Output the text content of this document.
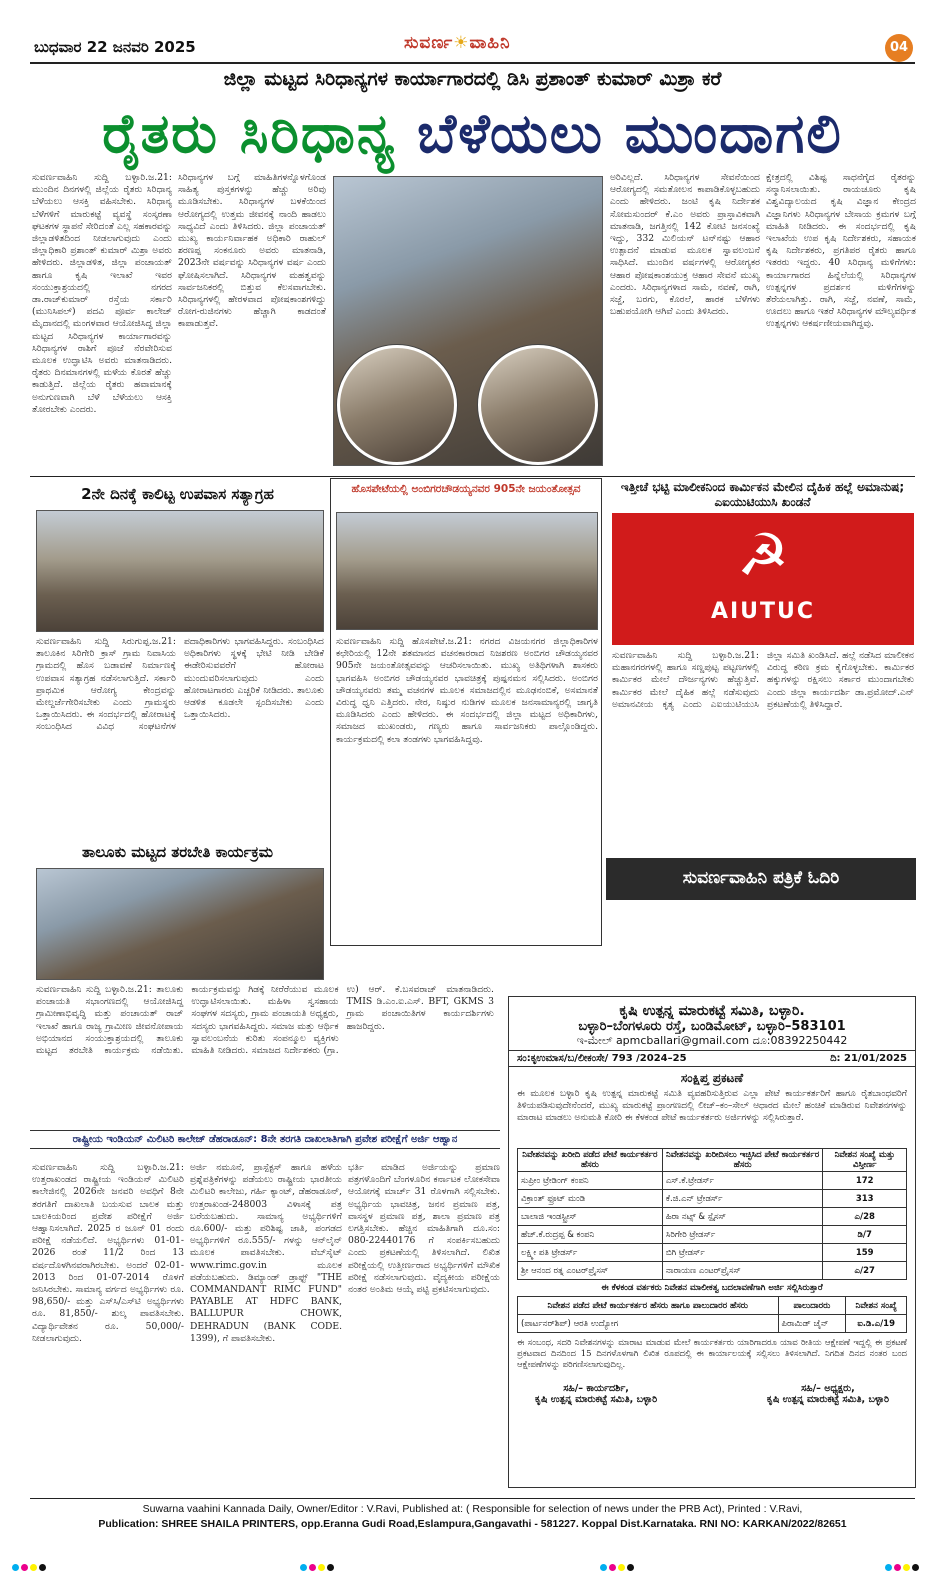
ಬುಧವಾರ 22 ಜನವರಿ 2025	ಸುವರ್ಣ☀ವಾಹಿನಿ	04
ಜಿಲ್ಲಾ ಮಟ್ಟದ ಸಿರಿಧಾನ್ಯಗಳ ಕಾರ್ಯಾಗಾರದಲ್ಲಿ ಡಿಸಿ ಪ್ರಶಾಂತ್ ಕುಮಾರ್ ಮಿಶ್ರಾ ಕರೆ
ರೈತರು ಸಿರಿಧಾನ್ಯ ಬೆಳೆಯಲು ಮುಂದಾಗಲಿ
ಸುವರ್ಣವಾಹಿನಿ ಸುದ್ದಿ ಬಳ್ಳಾರಿ.ಜ.21: ಮುಂದಿನ ದಿನಗಳಲ್ಲಿ ಜಿಲ್ಲೆಯ ರೈತರು ಸಿರಿಧಾನ್ಯ ಬೆಳೆಯಲು ಆಸಕ್ತಿ ವಹಿಸಬೇಕು. ಸಿರಿಧಾನ್ಯ ಬೆಳೆಗಳಿಗೆ ಮಾರುಕಟ್ಟೆ ವ್ಯವಸ್ಥೆ ಸಂಸ್ಕರಣಾ ಘಟಕಗಳ ಸ್ಥಾಪನೆ ಸೇರಿದಂತೆ ಎಲ್ಲ ಸಹಕಾರವನ್ನು ಜಿಲ್ಲಾಡಳಿತದಿಂದ ನೀಡಲಾಗುವುದು ಎಂದು ಜಿಲ್ಲಾಧಿಕಾರಿ ಪ್ರಶಾಂತ್ ಕುಮಾರ್ ಮಿಶ್ರಾ ಅವರು ಹೇಳಿದರು. ಜಿಲ್ಲಾಡಳಿತ, ಜಿಲ್ಲಾ ಪಂಚಾಯತ್ ಹಾಗೂ ಕೃಷಿ ಇಲಾಖೆ ಇವರ ಸಂಯುಕ್ತಾಶ್ರಯದಲ್ಲಿ ನಗರದ ಡಾ.ರಾಜ್‌ಕುಮಾರ್ ರಸ್ತೆಯ ಸರ್ಕಾರಿ (ಮುನಿಸಿಪಲ್) ಪದವಿ ಪೂರ್ವ ಕಾಲೇಜ್ ಮೈದಾನದಲ್ಲಿ ಮಂಗಳವಾರ ಆಯೋಜಿಸಿದ್ದ ಜಿಲ್ಲಾ ಮಟ್ಟದ ಸಿರಿಧಾನ್ಯಗಳ ಕಾರ್ಯಾಗಾರವನ್ನು ಸಿರಿಧಾನ್ಯಗಳ ರಾಶಿಗೆ ಪೂಜೆ ನೆರವೇರಿಸುವ ಮೂಲಕ ಉದ್ಘಾಟಿಸಿ ಅವರು ಮಾತನಾಡಿದರು. ರೈತರು ದಿನಮಾನಗಳಲ್ಲಿ ಮಳೆಯ ಕೊರತೆ ಹೆಚ್ಚು ಕಾಡುತ್ತಿದೆ. ಜಿಲ್ಲೆಯ ರೈತರು ಹವಾಮಾನಕ್ಕೆ ಅನುಗುಣವಾಗಿ ಬೆಳೆ ಬೆಳೆಯಲು ಆಸಕ್ತಿ ತೋರಬೇಕು ಎಂದರು.
ಸಿರಿಧಾನ್ಯಗಳ ಬಗ್ಗೆ ಮಾಹಿತಿಗಳನ್ನೊಳಗೊಂಡ ಸಾಹಿತ್ಯ ಪುಸ್ತಕಗಳನ್ನು ಹೆಚ್ಚು ಅರಿವು ಮೂಡಿಸಬೇಕು. ಸಿರಿಧಾನ್ಯಗಳ ಬಳಕೆಯಿಂದ ಆರೋಗ್ಯದಲ್ಲಿ ಉತ್ತಮ ಜೀವನಕ್ಕೆ ನಾಂದಿ ಹಾಡಲು ಸಾಧ್ಯವಿದೆ ಎಂದು ತಿಳಿಸಿದರು. ಜಿಲ್ಲಾ ಪಂಚಾಯತ್ ಮುಖ್ಯ ಕಾರ್ಯನಿರ್ವಾಹಕ ಅಧಿಕಾರಿ ರಾಹುಲ್ ಶರಣಪ್ಪ ಸಂಕನೂರು ಅವರು ಮಾತನಾಡಿ, 2023ನೇ ವರ್ಷವನ್ನು ಸಿರಿಧಾನ್ಯಗಳ ವರ್ಷ ಎಂದು ಘೋಷಿಸಲಾಗಿದೆ. ಸಿರಿಧಾನ್ಯಗಳ ಮಹತ್ವವನ್ನು ಸಾರ್ವಜನಿಕರಲ್ಲಿ ಬಿತ್ತುವ ಕೆಲಸವಾಗಬೇಕು. ಸಿರಿಧಾನ್ಯಗಳಲ್ಲಿ ಹೇರಳವಾದ ಪೋಷಕಾಂಶಗಳಿದ್ದು ರೋಗ-ರುಜಿನಗಳು ಹೆಚ್ಚಾಗಿ ಕಾಡದಂತೆ ಕಾಪಾಡುತ್ತವೆ.
ಅರಿವಿಲ್ಲದೆ. ಸಿರಿಧಾನ್ಯಗಳ ಸೇವನೆಯಿಂದ ಆರೋಗ್ಯದಲ್ಲಿ ಸಮತೋಲನ ಕಾಪಾಡಿಕೊಳ್ಳಬಹುದು ಎಂದು ಹೇಳಿದರು. ಜಂಟಿ ಕೃಷಿ ನಿರ್ದೇಶಕ ಸೋಮಸುಂದರ್ ಕೆ.ಎಂ ಅವರು ಪ್ರಾಸ್ತಾವಿಕವಾಗಿ ಮಾತನಾಡಿ, ಜಗತ್ತಿನಲ್ಲಿ 142 ಕೋಟಿ ಜನಸಂಖ್ಯೆ ಇದ್ದು, 332 ಮಿಲಿಯನ್ ಟನ್‌ನಷ್ಟು ಆಹಾರ ಉತ್ಪಾದನೆ ಮಾಡುವ ಮೂಲಕ ಸ್ವಾವಲಂಬನೆ ಸಾಧಿಸಿದೆ. ಮುಂದಿನ ವರ್ಷಗಳಲ್ಲಿ ಆರೋಗ್ಯಕರ ಆಹಾರ ಪೋಷಕಾಂಶಯುಕ್ತ ಆಹಾರ ಸೇವನೆ ಮುಖ್ಯ ಎಂದರು. ಸಿರಿಧಾನ್ಯಗಳಾದ ಸಾಮೆ, ನವಣೆ, ರಾಗಿ, ಸಜ್ಜೆ, ಬರಗು, ಕೊರಲೆ, ಹಾರಕ ಬೆಳೆಗಳು ಬಹುಪಯೋಗಿ ಆಗಿವೆ ಎಂದು ತಿಳಿಸಿದರು.
ಕ್ಷೇತ್ರದಲ್ಲಿ ವಿಶಿಷ್ಟ ಸಾಧನೆಗೈದ ರೈತರನ್ನು ಸನ್ಮಾನಿಸಲಾಯಿತು. ರಾಯಚೂರು ಕೃಷಿ ವಿಶ್ವವಿದ್ಯಾಲಯದ ಕೃಷಿ ವಿಜ್ಞಾನ ಕೇಂದ್ರದ ವಿಜ್ಞಾನಿಗಳು ಸಿರಿಧಾನ್ಯಗಳ ಬೇಸಾಯ ಕ್ರಮಗಳ ಬಗ್ಗೆ ಮಾಹಿತಿ ನೀಡಿದರು. ಈ ಸಂದರ್ಭದಲ್ಲಿ ಕೃಷಿ ಇಲಾಖೆಯ ಉಪ ಕೃಷಿ ನಿರ್ದೇಶಕರು, ಸಹಾಯಕ ಕೃಷಿ ನಿರ್ದೇಶಕರು, ಪ್ರಗತಿಪರ ರೈತರು ಹಾಗೂ ಇತರರು ಇದ್ದರು. 40 ಸಿರಿಧಾನ್ಯ ಮಳಿಗೆಗಳು: ಕಾರ್ಯಾಗಾರದ ಹಿನ್ನೆಲೆಯಲ್ಲಿ ಸಿರಿಧಾನ್ಯಗಳ ಉತ್ಪನ್ನಗಳ ಪ್ರದರ್ಶನ ಮಳಿಗೆಗಳನ್ನು ತೆರೆಯಲಾಗಿತ್ತು. ರಾಗಿ, ಸಜ್ಜೆ, ನವಣೆ, ಸಾಮೆ, ಊದಲು ಹಾಗೂ ಇತರೆ ಸಿರಿಧಾನ್ಯಗಳ ಮೌಲ್ಯವರ್ಧಿತ ಉತ್ಪನ್ನಗಳು ಆಕರ್ಷಣೀಯವಾಗಿದ್ದವು.
2ನೇ ದಿನಕ್ಕೆ ಕಾಲಿಟ್ಟ ಉಪವಾಸ ಸತ್ಯಾಗ್ರಹ
ಸುವರ್ಣವಾಹಿನಿ ಸುದ್ದಿ ಸಿರುಗುಪ್ಪ.ಜ.21: ತಾಲೂಕಿನ ಸಿರಿಗೇರಿ ಕ್ರಾಸ್ ಗ್ರಾಮ ನಿವಾಸಿಯ ಗ್ರಾಮದಲ್ಲಿ ಹೊಸ ಬಡಾವಣೆ ನಿರ್ಮಾಣಕ್ಕೆ ಉಪವಾಸ ಸತ್ಯಾಗ್ರಹ ನಡೆಸಲಾಗುತ್ತಿದೆ. ಸರ್ಕಾರಿ ಪ್ರಾಥಮಿಕ ಆರೋಗ್ಯ ಕೇಂದ್ರವನ್ನು ಮೇಲ್ದರ್ಜೆಗೇರಿಸಬೇಕು ಎಂದು ಗ್ರಾಮಸ್ಥರು ಒತ್ತಾಯಿಸಿದರು. ಈ ಸಂದರ್ಭದಲ್ಲಿ ಹೋರಾಟಕ್ಕೆ ಸಂಬಂಧಿಸಿದ ವಿವಿಧ ಸಂಘಟನೆಗಳ ಪದಾಧಿಕಾರಿಗಳು ಭಾಗವಹಿಸಿದ್ದರು. ಸಂಬಂಧಿಸಿದ ಅಧಿಕಾರಿಗಳು ಸ್ಥಳಕ್ಕೆ ಭೇಟಿ ನೀಡಿ ಬೇಡಿಕೆ ಈಡೇರಿಸುವವರೆಗೆ ಹೋರಾಟ ಮುಂದುವರಿಸಲಾಗುವುದು ಎಂದು ಹೋರಾಟಗಾರರು ಎಚ್ಚರಿಕೆ ನೀಡಿದರು. ತಾಲೂಕು ಆಡಳಿತ ಕೂಡಲೇ ಸ್ಪಂದಿಸಬೇಕು ಎಂದು ಒತ್ತಾಯಿಸಿದರು.
ಹೊಸಪೇಟೆಯಲ್ಲಿ ಅಂಬಿಗರಚೌಡಯ್ಯನವರ 905ನೇ ಜಯಂತೋತ್ಸವ
ಸುವರ್ಣವಾಹಿನಿ ಸುದ್ದಿ ಹೊಸಪೇಟೆ.ಜ.21: ನಗರದ ವಿಜಯನಗರ ಜಿಲ್ಲಾಧಿಕಾರಿಗಳ ಕಛೇರಿಯಲ್ಲಿ 12ನೇ ಶತಮಾನದ ವಚನಕಾರರಾದ ನಿಜಶರಣ ಅಂಬಿಗರ ಚೌಡಯ್ಯನವರ 905ನೇ ಜಯಂತೋತ್ಸವವನ್ನು ಆಚರಿಸಲಾಯಿತು. ಮುಖ್ಯ ಅತಿಥಿಗಳಾಗಿ ಶಾಸಕರು ಭಾಗವಹಿಸಿ ಅಂಬಿಗರ ಚೌಡಯ್ಯನವರ ಭಾವಚಿತ್ರಕ್ಕೆ ಪುಷ್ಪನಮನ ಸಲ್ಲಿಸಿದರು. ಅಂಬಿಗರ ಚೌಡಯ್ಯನವರು ತಮ್ಮ ವಚನಗಳ ಮೂಲಕ ಸಮಾಜದಲ್ಲಿನ ಮೂಢನಂಬಿಕೆ, ಅಸಮಾನತೆ ವಿರುದ್ಧ ಧ್ವನಿ ಎತ್ತಿದರು. ನೇರ, ನಿಷ್ಠುರ ನುಡಿಗಳ ಮೂಲಕ ಜನಸಾಮಾನ್ಯರಲ್ಲಿ ಜಾಗೃತಿ ಮೂಡಿಸಿದರು ಎಂದು ಹೇಳಿದರು. ಈ ಸಂದರ್ಭದಲ್ಲಿ ಜಿಲ್ಲಾ ಮಟ್ಟದ ಅಧಿಕಾರಿಗಳು, ಸಮಾಜದ ಮುಖಂಡರು, ಗಣ್ಯರು ಹಾಗೂ ಸಾರ್ವಜನಿಕರು ಪಾಲ್ಗೊಂಡಿದ್ದರು. ಕಾರ್ಯಕ್ರಮದಲ್ಲಿ ಕಲಾ ತಂಡಗಳು ಭಾಗವಹಿಸಿದ್ದವು.
ಇತ್ತೀಚೆ ಭಟ್ಟಿ ಮಾಲೀಕನಿಂದ ಕಾರ್ಮಿಕನ ಮೇಲಿನ ದೈಹಿಕ ಹಲ್ಲೆ ಅಮಾನುಷ; ಎಐಯುಟಿಯುಸಿ ಖಂಡನೆ
☭
AIUTUC
ಸುವರ್ಣವಾಹಿನಿ ಸುದ್ದಿ ಬಳ್ಳಾರಿ.ಜ.21: ಮಹಾನಗರಗಳಲ್ಲಿ ಹಾಗೂ ಸಣ್ಣಪುಟ್ಟ ಪಟ್ಟಣಗಳಲ್ಲಿ ಕಾರ್ಮಿಕರ ಮೇಲೆ ದೌರ್ಜನ್ಯಗಳು ಹೆಚ್ಚುತ್ತಿವೆ. ಕಾರ್ಮಿಕರ ಮೇಲೆ ದೈಹಿಕ ಹಲ್ಲೆ ನಡೆಸುವುದು ಅಮಾನವೀಯ ಕೃತ್ಯ ಎಂದು ಎಐಯುಟಿಯುಸಿ ಜಿಲ್ಲಾ ಸಮಿತಿ ಖಂಡಿಸಿದೆ. ಹಲ್ಲೆ ನಡೆಸಿದ ಮಾಲೀಕನ ವಿರುದ್ಧ ಕಠಿಣ ಕ್ರಮ ಕೈಗೊಳ್ಳಬೇಕು. ಕಾರ್ಮಿಕರ ಹಕ್ಕುಗಳನ್ನು ರಕ್ಷಿಸಲು ಸರ್ಕಾರ ಮುಂದಾಗಬೇಕು ಎಂದು ಜಿಲ್ಲಾ ಕಾರ್ಯದರ್ಶಿ ಡಾ.ಪ್ರಮೋದ್.ಎನ್ ಪ್ರಕಟಣೆಯಲ್ಲಿ ತಿಳಿಸಿದ್ದಾರೆ.
ತಾಲೂಕು ಮಟ್ಟದ ತರಬೇತಿ ಕಾರ್ಯಕ್ರಮ
ಸುವರ್ಣವಾಹಿನಿ ಸುದ್ದಿ ಬಳ್ಳಾರಿ.ಜ.21: ತಾಲೂಕು ಪಂಚಾಯತಿ ಸಭಾಂಗಣದಲ್ಲಿ ಆಯೋಜಿಸಿದ್ದ ಗ್ರಾಮೀಣಾಭಿವೃದ್ಧಿ ಮತ್ತು ಪಂಚಾಯತ್ ರಾಜ್ ಇಲಾಖೆ ಹಾಗೂ ರಾಜ್ಯ ಗ್ರಾಮೀಣ ಜೀವನೋಪಾಯ ಅಭಿಯಾನದ ಸಂಯುಕ್ತಾಶ್ರಯದಲ್ಲಿ ತಾಲೂಕು ಮಟ್ಟದ ತರಬೇತಿ ಕಾರ್ಯಕ್ರಮ ನಡೆಯಿತು. ಕಾರ್ಯಕ್ರಮವನ್ನು ಗಿಡಕ್ಕೆ ನೀರೆರೆಯುವ ಮೂಲಕ ಉದ್ಘಾಟಿಸಲಾಯಿತು. ಮಹಿಳಾ ಸ್ವಸಹಾಯ ಸಂಘಗಳ ಸದಸ್ಯರು, ಗ್ರಾಮ ಪಂಚಾಯತಿ ಅಧ್ಯಕ್ಷರು, ಸದಸ್ಯರು ಭಾಗವಹಿಸಿದ್ದರು. ಸಮಾಜ ಮತ್ತು ಆರ್ಥಿಕ ಸ್ವಾವಲಂಬನೆಯ ಕುರಿತು ಸಂಪನ್ಮೂಲ ವ್ಯಕ್ತಿಗಳು ಮಾಹಿತಿ ನೀಡಿದರು. ಸಮಾಜದ ನಿರ್ದೇಶಕರು (ಗ್ರಾ. ಉ) ಆರ್. ಕೆ.ಬಸವರಾಜ್ ಮಾತನಾಡಿದರು. TMIS ಡಿ.ಎಂ.ಐ.ಎಸ್. BFT, GKMS 3 ಗ್ರಾಮ ಪಂಚಾಯಿತಿಗಳ ಕಾರ್ಯದರ್ಶಿಗಳು ಹಾಜರಿದ್ದರು.
ಸುವರ್ಣವಾಹಿನಿ ಪತ್ರಿಕೆ ಓದಿರಿ
ಕೃಷಿ ಉತ್ಪನ್ನ ಮಾರುಕಟ್ಟೆ ಸಮಿತಿ, ಬಳ್ಳಾರಿ.
ಬಳ್ಳಾರಿ–ಬೆಂಗಳೂರು ರಸ್ತೆ, ಬಂಡಿಮೋಟ್, ಬಳ್ಳಾರಿ–583101
ಇ-ಮೇಲ್ apmcballari@gmail.com ದೂ:08392250442
ಸಂ:ಕೃಉಮಾಸ/ಬ/ಲೀಕಂಸೇ/ 793 /2024–25	ದಿ: 21/01/2025
ಸಂಕ್ಷಿಪ್ತ ಪ್ರಕಟಣೆ
ಈ ಮೂಲಕ ಬಳ್ಳಾರಿ ಕೃಷಿ ಉತ್ಪನ್ನ ಮಾರುಕಟ್ಟೆ ಸಮಿತಿ ವ್ಯವಹರಿಸುತ್ತಿರುವ ಎಲ್ಲಾ ಪೇಟೆ ಕಾರ್ಯಕರ್ತರಿಗೆ ಹಾಗೂ ರೈತಬಾಂಧವರಿಗೆ ತಿಳಿಯಪಡಿಸುವುದೇನೆಂದರೆ, ಮುಖ್ಯ ಮಾರುಕಟ್ಟೆ ಪ್ರಾಂಗಣದಲ್ಲಿ ಲೀಜ್–ಕಂ–ಸೇಲ್ ಆಧಾರದ ಮೇಲೆ ಹಂಚಿಕೆ ಮಾಡಿರುವ ನಿವೇಶನಗಳನ್ನು ಮಾರಾಟ ಮಾಡಲು ಅನುಮತಿ ಕೋರಿ ಈ ಕೆಳಕಂಡ ಪೇಟೆ ಕಾರ್ಯಕರ್ತರು ಅರ್ಜಿಗಳನ್ನು ಸಲ್ಲಿಸಿರುತ್ತಾರೆ.
ನಿವೇಶನವನ್ನು ಖರೀದಿ ಪಡೆದ ಪೇಟೆ ಕಾರ್ಯಕರ್ತರ ಹೆಸರು	ನಿವೇಶನವನ್ನು ಖರೀದಿಸಲು ಇಚ್ಛಿಸಿದ ಪೇಟೆ ಕಾರ್ಯಕರ್ತರ ಹೆಸರು	ನಿವೇಶನ ಸಂಖ್ಯೆ ಮತ್ತು ವಿಸ್ತೀರ್ಣ
ಸುಪ್ರೀಂ ಟ್ರೇಡಿಂಗ್ ಕಂಪನಿ	ಎಸ್.ಕೆ.ಟ್ರೇಡರ್ಸ್	172
ವಿಕ್ರಾಂತ್ ಫ್ರೂಟ್ ಮಂಡಿ	ಕೆ.ಜಿ.ಎನ್ ಟ್ರೇಡರ್ಸ್	313
ಬಾಲಾಜಿ ಇಂಡಸ್ಟ್ರೀಸ್	ಹಿರಾ ನಟ್ಸ್ & ಸ್ಪೈಸಸ್	ಎ/28
ಹೆಚ್.ಕೆ.ರುದ್ರಪ್ಪ & ಕಂಪನಿ	ಸಿರಿಗೇರಿ ಟ್ರೇಡರ್ಸ್	ಡಿ/7
ಲಕ್ಷ್ಮೀ ಪತಿ ಟ್ರೇಡರ್ಸ್	ಬಿಗಿ ಟ್ರೇಡರ್ಸ್	159
ಶ್ರೀ ಆನಂದ ರತ್ನ ಎಂಟರ್‌ಪ್ರೈಸಸ್	ನಾರಾಯಣ ಎಂಟರ್‌ಪ್ರೈಸಸ್	ಎ/27
ಈ ಕೆಳಕಂಡ ವರ್ತಕರು ನಿವೇಶನ ಮಾಲೀಕತ್ವ ಬದಲಾವಣೆಗಾಗಿ ಅರ್ಜಿ ಸಲ್ಲಿಸಿರುತ್ತಾರೆ
ನಿವೇಶನ ಪಡೆದ ಪೇಟೆ ಕಾರ್ಯಕರ್ತರ ಹೆಸರು ಹಾಗೂ ಪಾಲುದಾರರ ಹೆಸರು	ಪಾಲುದಾರರು	ನಿವೇಶನ ಸಂಖ್ಯೆ
(ಪಾರ್ಟನರ್‌ಶಿಪ್) ಆರತಿ ಉದ್ಯೋಗ	ಪಿರಾಮಿಡ್ ಚೈನ್	ಐ.ಡಿ.ಎ/19
ಈ ಸಂಬಂಧ, ಸದರಿ ನಿವೇಶನಗಳನ್ನು ಮಾರಾಟ ಮಾಡುವ ಮೇಲೆ ಕಾರ್ಯಕರ್ತರು ಯಾರಿಗಾದರೂ ಯಾವ ರೀತಿಯ ಆಕ್ಷೇಪಣೆ ಇದ್ದಲ್ಲಿ ಈ ಪ್ರಕಟಣೆ ಪ್ರಕಟವಾದ ದಿನದಿಂದ 15 ದಿನಗಳೊಳಗಾಗಿ ಲಿಖಿತ ರೂಪದಲ್ಲಿ ಈ ಕಾರ್ಯಾಲಯಕ್ಕೆ ಸಲ್ಲಿಸಲು ತಿಳಿಸಲಾಗಿದೆ. ನಿಗದಿತ ದಿನದ ನಂತರ ಬಂದ ಆಕ್ಷೇಪಣೆಗಳನ್ನು ಪರಿಗಣಿಸಲಾಗುವುದಿಲ್ಲ.
ಸಹಿ/– ಕಾರ್ಯದರ್ಶಿ,
ಕೃಷಿ ಉತ್ಪನ್ನ ಮಾರುಕಟ್ಟೆ ಸಮಿತಿ, ಬಳ್ಳಾರಿ
ಸಹಿ/– ಅಧ್ಯಕ್ಷರು,
ಕೃಷಿ ಉತ್ಪನ್ನ ಮಾರುಕಟ್ಟೆ ಸಮಿತಿ, ಬಳ್ಳಾರಿ
ರಾಷ್ಟ್ರೀಯ ಇಂಡಿಯನ್ ಮಿಲಿಟರಿ ಕಾಲೇಜ್ ಡೆಹರಾಡೂನ್: 8ನೇ ತರಗತಿ ದಾಖಲಾತಿಗಾಗಿ ಪ್ರವೇಶ ಪರೀಕ್ಷೆಗೆ ಅರ್ಜಿ ಆಹ್ವಾನ
ಸುವರ್ಣವಾಹಿನಿ ಸುದ್ದಿ ಬಳ್ಳಾರಿ.ಜ.21: ಉತ್ತರಾಖಂಡದ ರಾಷ್ಟ್ರೀಯ ಇಂಡಿಯನ್ ಮಿಲಿಟರಿ ಕಾಲೇಜಿನಲ್ಲಿ 2026ನೇ ಜನವರಿ ಅವಧಿಗೆ 8ನೇ ತರಗತಿಗೆ ದಾಖಲಾತಿ ಬಯಸುವ ಬಾಲಕ ಮತ್ತು ಬಾಲಕಿಯರಿಂದ ಪ್ರವೇಶ ಪರೀಕ್ಷೆಗೆ ಅರ್ಜಿ ಆಹ್ವಾನಿಸಲಾಗಿದೆ. 2025 ರ ಜೂನ್ 01 ರಂದು ಪರೀಕ್ಷೆ ನಡೆಯಲಿದೆ. ಅಭ್ಯರ್ಥಿಗಳು 01-01-2026 ರಂತೆ 11/2 ರಿಂದ 13 ವರ್ಷದೊಳಗಿನವರಾಗಿರಬೇಕು. ಅಂದರೆ 02-01-2013 ರಿಂದ 01-07-2014 ರೊಳಗೆ ಜನಿಸಿರಬೇಕು. ಸಾಮಾನ್ಯ ವರ್ಗದ ಅಭ್ಯರ್ಥಿಗಳು ರೂ. 98,650/- ಮತ್ತು ಎಸ್‌ಸಿ/ಎಸ್‌ಟಿ ಅಭ್ಯರ್ಥಿಗಳು ರೂ. 81,850/- ಶುಲ್ಕ ಪಾವತಿಸಬೇಕು. ವಿದ್ಯಾರ್ಥಿವೇತನ ರೂ. 50,000/- ನೀಡಲಾಗುವುದು.
ಅರ್ಜಿ ನಮೂನೆ, ಪ್ರಾಸ್ಪೆಕ್ಟಸ್ ಹಾಗೂ ಹಳೆಯ ಪ್ರಶ್ನೆಪತ್ರಿಕೆಗಳನ್ನು ಪಡೆಯಲು ರಾಷ್ಟ್ರೀಯ ಭಾರತೀಯ ಮಿಲಿಟರಿ ಕಾಲೇಜು, ಗರ್ಹಿ ಕ್ಯಾಂಟ್, ಡೆಹರಾಡೂನ್, ಉತ್ತರಾಖಂಡ-248003 ವಿಳಾಸಕ್ಕೆ ಪತ್ರ ಬರೆಯಬಹುದು. ಸಾಮಾನ್ಯ ಅಭ್ಯರ್ಥಿಗಳಿಗೆ ರೂ.600/- ಮತ್ತು ಪರಿಶಿಷ್ಟ ಜಾತಿ, ಪಂಗಡದ ಅಭ್ಯರ್ಥಿಗಳಿಗೆ ರೂ.555/- ಗಳನ್ನು ಆನ್‌ಲೈನ್ ಮೂಲಕ ಪಾವತಿಸಬೇಕು. ವೆಬ್‌ಸೈಟ್ www.rimc.gov.in ಮೂಲಕ ಪಡೆಯಬಹುದು. ಡಿಮ್ಯಾಂಡ್ ಡ್ರಾಫ್ಟ್ "THE COMMANDANT RIMC FUND" PAYABLE AT HDFC BANK, BALLUPUR CHOWK, DEHRADUN (BANK CODE. 1399), ಗೆ ಪಾವತಿಸಬೇಕು.
ಭರ್ತಿ ಮಾಡಿದ ಅರ್ಜಿಯನ್ನು ಪ್ರಮಾಣ ಪತ್ರಗಳೊಂದಿಗೆ ಬೆಂಗಳೂರಿನ ಕರ್ನಾಟಕ ಲೋಕಸೇವಾ ಆಯೋಗಕ್ಕೆ ಮಾರ್ಚ್ 31 ರೊಳಗಾಗಿ ಸಲ್ಲಿಸಬೇಕು. ಅಭ್ಯರ್ಥಿಯ ಭಾವಚಿತ್ರ, ಜನನ ಪ್ರಮಾಣ ಪತ್ರ, ವಾಸಸ್ಥಳ ಪ್ರಮಾಣ ಪತ್ರ, ಶಾಲಾ ಪ್ರಮಾಣ ಪತ್ರ ಲಗತ್ತಿಸಬೇಕು. ಹೆಚ್ಚಿನ ಮಾಹಿತಿಗಾಗಿ ದೂ.ಸಂ: 080-22440176 ಗೆ ಸಂಪರ್ಕಿಸಬಹುದು ಎಂದು ಪ್ರಕಟಣೆಯಲ್ಲಿ ತಿಳಿಸಲಾಗಿದೆ. ಲಿಖಿತ ಪರೀಕ್ಷೆಯಲ್ಲಿ ಉತ್ತೀರ್ಣರಾದ ಅಭ್ಯರ್ಥಿಗಳಿಗೆ ಮೌಖಿಕ ಪರೀಕ್ಷೆ ನಡೆಸಲಾಗುವುದು. ವೈದ್ಯಕೀಯ ಪರೀಕ್ಷೆಯ ನಂತರ ಅಂತಿಮ ಆಯ್ಕೆ ಪಟ್ಟಿ ಪ್ರಕಟಿಸಲಾಗುವುದು.
Suwarna vaahini Kannada Daily, Owner/Editor : V.Ravi, Published at: ( Responsible for selection of news under the PRB Act), Printed : V.Ravi,
Publication: SHREE SHAILA PRINTERS, opp.Eranna Gudi Road,Eslampura,Gangavathi - 581227. Koppal Dist.Karnataka. RNI NO: KARKAN/2022/82651
